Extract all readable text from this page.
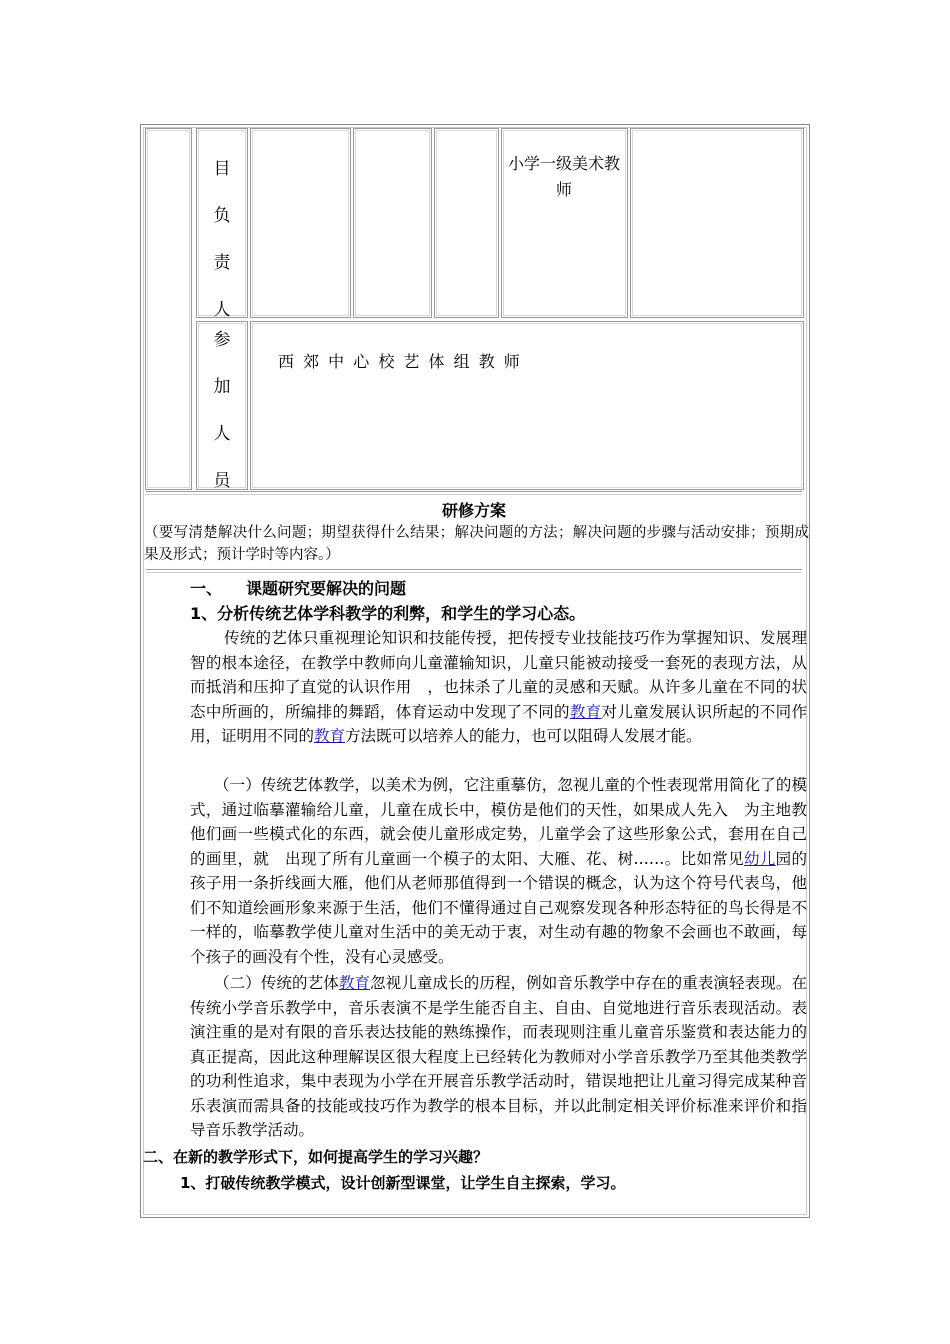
目
负
责
人
小学一级美术教师
参
加
人
员
西 郊 中 心 校 艺 体 组 教 师
研修方案
（要写清楚解决什么问题；期望获得什么结果；解决问题的方法；解决问题的步骤与活动安排；预期成果及形式；预计学时等内容。）
一、 课题研究要解决的问题
1、分析传统艺体学科教学的利弊，和学生的学习心态。
传统的艺体只重视理论知识和技能传授，把传授专业技能技巧作为掌握知识、发展理智的根本途径，在教学中教师向儿童灌输知识，儿童只能被动接受一套死的表现方法，从而抵消和压抑了直觉的认识作用　，也抹杀了儿童的灵感和天赋。从许多儿童在不同的状态中所画的，所编排的舞蹈，体育运动中发现了不同的教育对儿童发展认识所起的不同作用，证明用不同的教育方法既可以培养人的能力，也可以阻碍人发展才能。
（一）传统艺体教学，以美术为例，它注重摹仿，忽视儿童的个性表现常用简化了的模式，通过临摹灌输给儿童，儿童在成长中，模仿是他们的天性，如果成人先入　为主地教他们画一些模式化的东西，就会使儿童形成定势，儿童学会了这些形象公式，套用在自己的画里，就　出现了所有儿童画一个模子的太阳、大雁、花、树……。比如常见幼儿园的孩子用一条折线画大雁，他们从老师那值得到一个错误的概念，认为这个符号代表鸟，他们不知道绘画形象来源于生活，他们不懂得通过自己观察发现各种形态特征的鸟长得是不一样的，临摹教学使儿童对生活中的美无动于衷，对生动有趣的物象不会画也不敢画，每个孩子的画没有个性，没有心灵感受。
（二）传统的艺体教育忽视儿童成长的历程，例如音乐教学中存在的重表演轻表现。在传统小学音乐教学中，音乐表演不是学生能否自主、自由、自觉地进行音乐表现活动。表演注重的是对有限的音乐表达技能的熟练操作，而表现则注重儿童音乐鉴赏和表达能力的真正提高，因此这种理解误区很大程度上已经转化为教师对小学音乐教学乃至其他类教学的功利性追求，集中表现为小学在开展音乐教学活动时，错误地把让儿童习得完成某种音乐表演而需具备的技能或技巧作为教学的根本目标，并以此制定相关评价标准来评价和指导音乐教学活动。
二、在新的教学形式下，如何提高学生的学习兴趣？
1、打破传统教学模式，设计创新型课堂，让学生自主探索，学习。
